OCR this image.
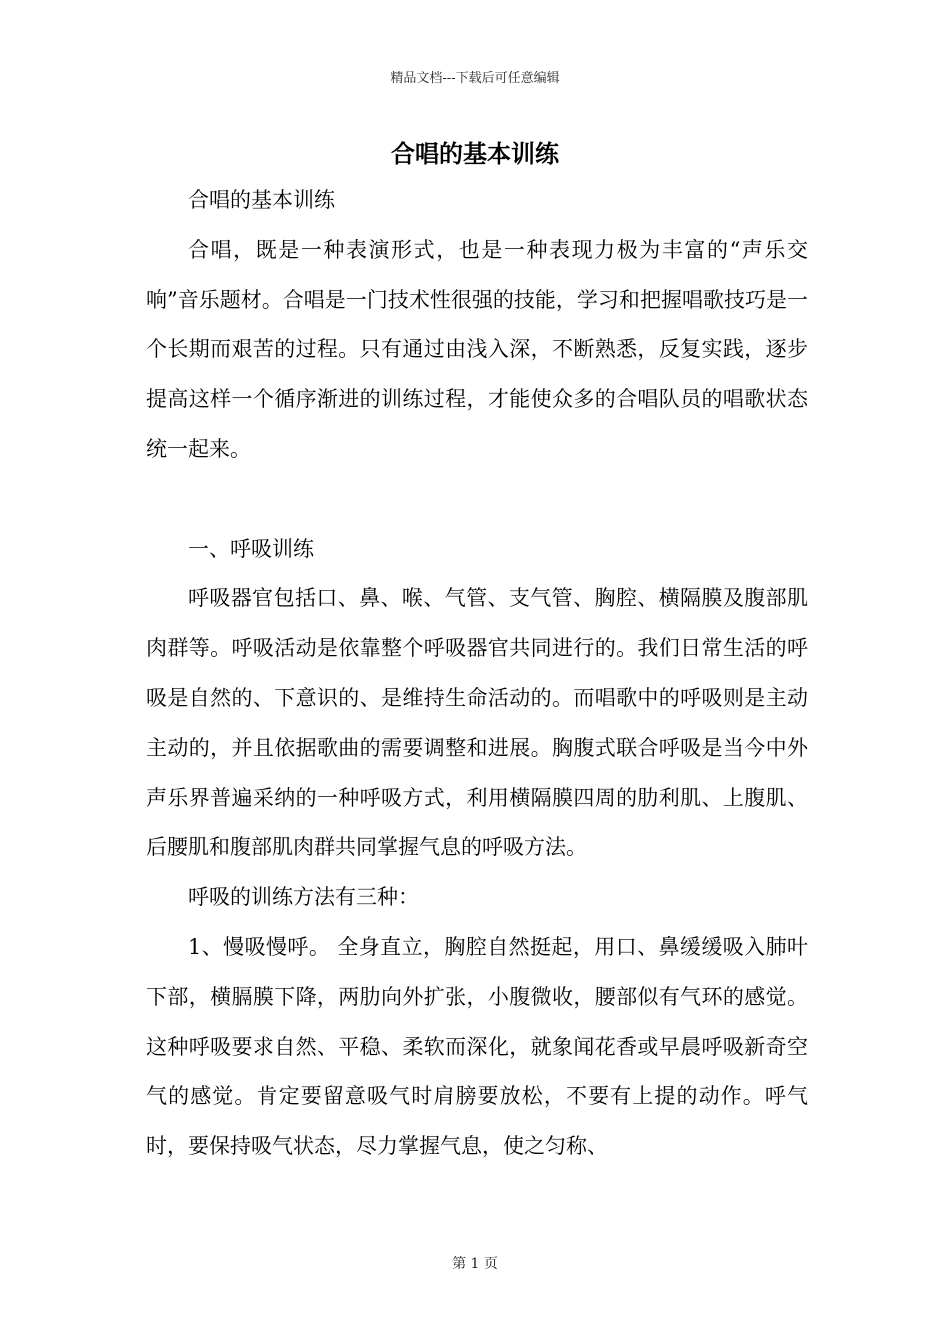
精品文档---下载后可任意编辑
合唱的基本训练

合唱的基本训练

合唱，既是一种表演形式，也是一种表现力极为丰富的“声乐交响”音乐题材。合唱是一门技术性很强的技能，学习和把握唱歌技巧是一个长期而艰苦的过程。只有通过由浅入深，不断熟悉，反复实践，逐步提高这样一个循序渐进的训练过程，才能使众多的合唱队员的唱歌状态统一起来。

一、呼吸训练

呼吸器官包括口、鼻、喉、气管、支气管、胸腔、横隔膜及腹部肌肉群等。呼吸活动是依靠整个呼吸器官共同进行的。我们日常生活的呼吸是自然的、下意识的、是维持生命活动的。而唱歌中的呼吸则是主动主动的，并且依据歌曲的需要调整和进展。胸腹式联合呼吸是当今中外声乐界普遍采纳的一种呼吸方式，利用横隔膜四周的肋利肌、上腹肌、后腰肌和腹部肌肉群共同掌握气息的呼吸方法。

呼吸的训练方法有三种：

1、慢吸慢呼。 全身直立，胸腔自然挺起，用口、鼻缓缓吸入肺叶下部，横膈膜下降，两肋向外扩张，小腹微收，腰部似有气环的感觉。这种呼吸要求自然、平稳、柔软而深化，就象闻花香或早晨呼吸新奇空气的感觉。肯定要留意吸气时肩膀要放松，不要有上提的动作。呼气时，要保持吸气状态，尽力掌握气息，使之匀称、

第 1 页
